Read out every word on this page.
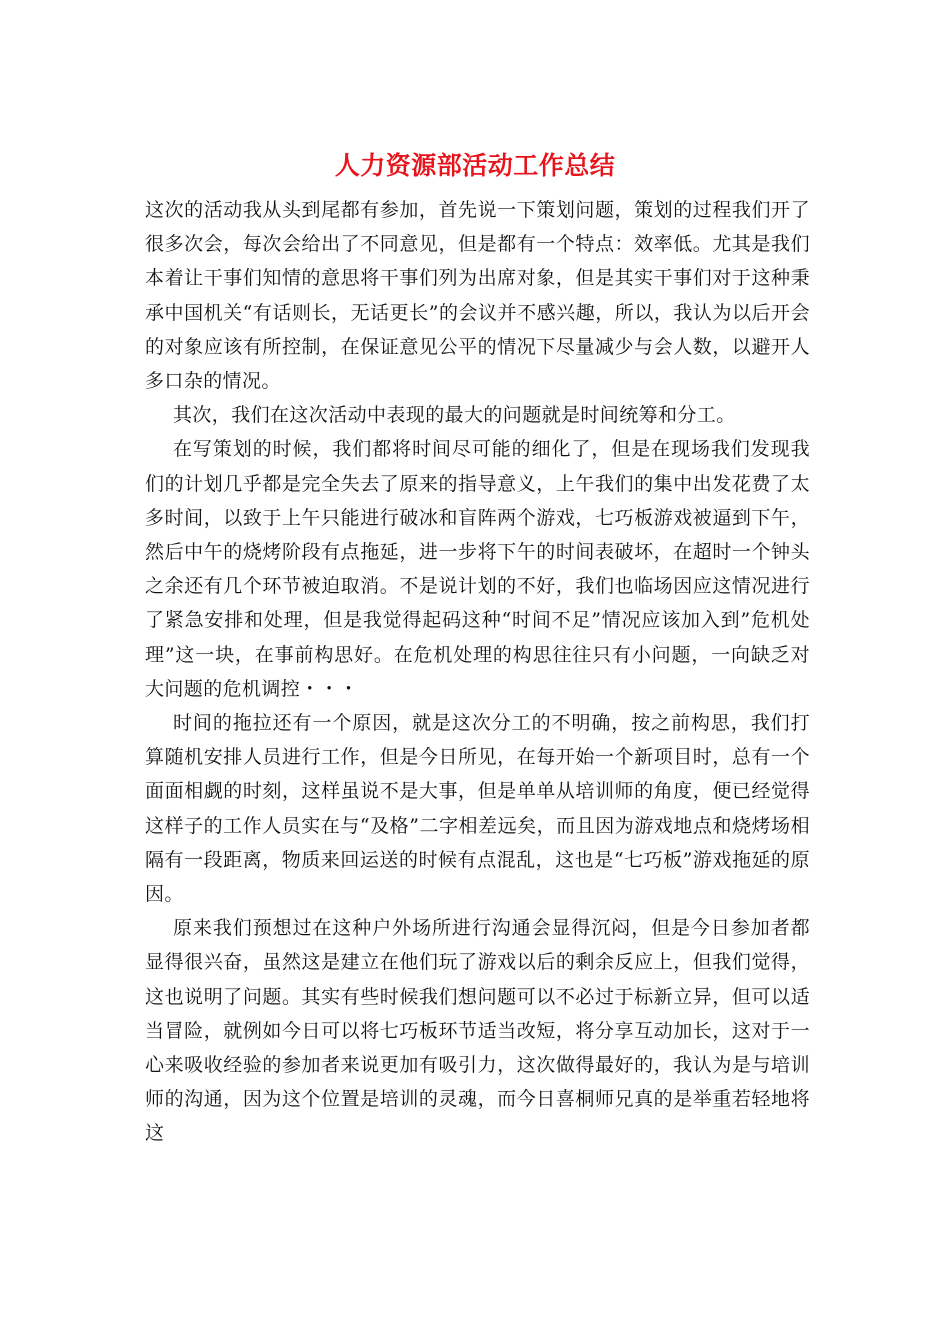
人力资源部活动工作总结

这次的活动我从头到尾都有参加，首先说一下策划问题，策划的过程我们开了很多次会，每次会给出了不同意见，但是都有一个特点：效率低。尤其是我们本着让干事们知情的意思将干事们列为出席对象，但是其实干事们对于这种秉承中国机关“有话则长，无话更长”的会议并不感兴趣，所以，我认为以后开会的对象应该有所控制，在保证意见公平的情况下尽量减少与会人数，以避开人多口杂的情况。

其次，我们在这次活动中表现的最大的问题就是时间统筹和分工。

在写策划的时候，我们都将时间尽可能的细化了，但是在现场我们发现我们的计划几乎都是完全失去了原来的指导意义，上午我们的集中出发花费了太多时间，以致于上午只能进行破冰和盲阵两个游戏，七巧板游戏被逼到下午，然后中午的烧烤阶段有点拖延，进一步将下午的时间表破坏，在超时一个钟头之余还有几个环节被迫取消。不是说计划的不好，我们也临场因应这情况进行了紧急安排和处理，但是我觉得起码这种“时间不足”情况应该加入到”危机处理”这一块，在事前构思好。在危机处理的构思往往只有小问题，一向缺乏对大问题的危机调控・・・

时间的拖拉还有一个原因，就是这次分工的不明确，按之前构思，我们打算随机安排人员进行工作，但是今日所见，在每开始一个新项目时，总有一个面面相觑的时刻，这样虽说不是大事，但是单单从培训师的角度，便已经觉得这样子的工作人员实在与“及格”二字相差远矣，而且因为游戏地点和烧烤场相隔有一段距离，物质来回运送的时候有点混乱，这也是“七巧板”游戏拖延的原因。

原来我们预想过在这种户外场所进行沟通会显得沉闷，但是今日参加者都显得很兴奋，虽然这是建立在他们玩了游戏以后的剩余反应上，但我们觉得，这也说明了问题。其实有些时候我们想问题可以不必过于标新立异，但可以适当冒险，就例如今日可以将七巧板环节适当改短，将分享互动加长，这对于一心来吸收经验的参加者来说更加有吸引力，这次做得最好的，我认为是与培训师的沟通，因为这个位置是培训的灵魂，而今日喜桐师兄真的是举重若轻地将这
